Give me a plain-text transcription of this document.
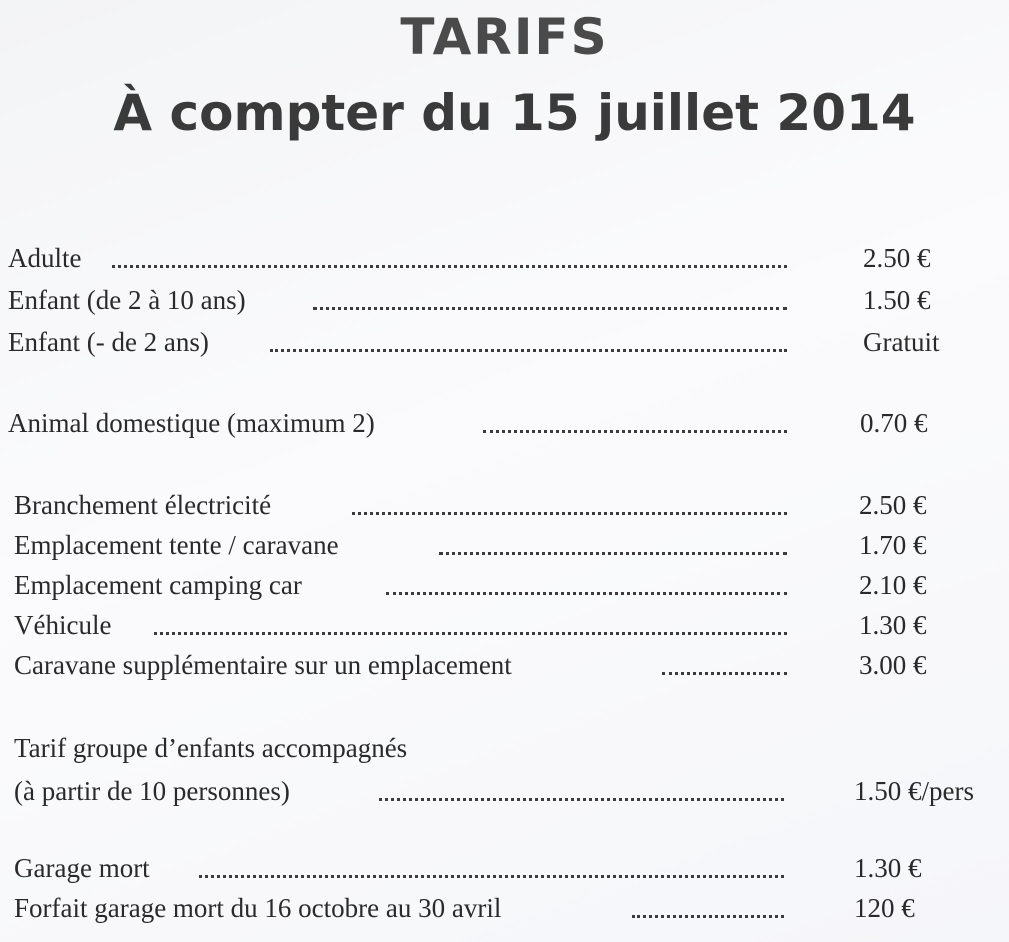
TARIFS
À compter du 15 juillet 2014
Adulte	2.50 €
Enfant (de 2 à 10 ans)	1.50 €
Enfant (- de 2 ans)	Gratuit
Animal domestique (maximum 2)	0.70 €
Branchement électricité	2.50 €
Emplacement tente / caravane	1.70 €
Emplacement camping car	2.10 €
Véhicule	1.30 €
Caravane supplémentaire sur un emplacement	3.00 €
Tarif groupe d’enfants accompagnés
(à partir de 10 personnes)	1.50 €/pers
Garage mort	1.30 €
Forfait garage mort du 16 octobre au 30 avril	120 €
